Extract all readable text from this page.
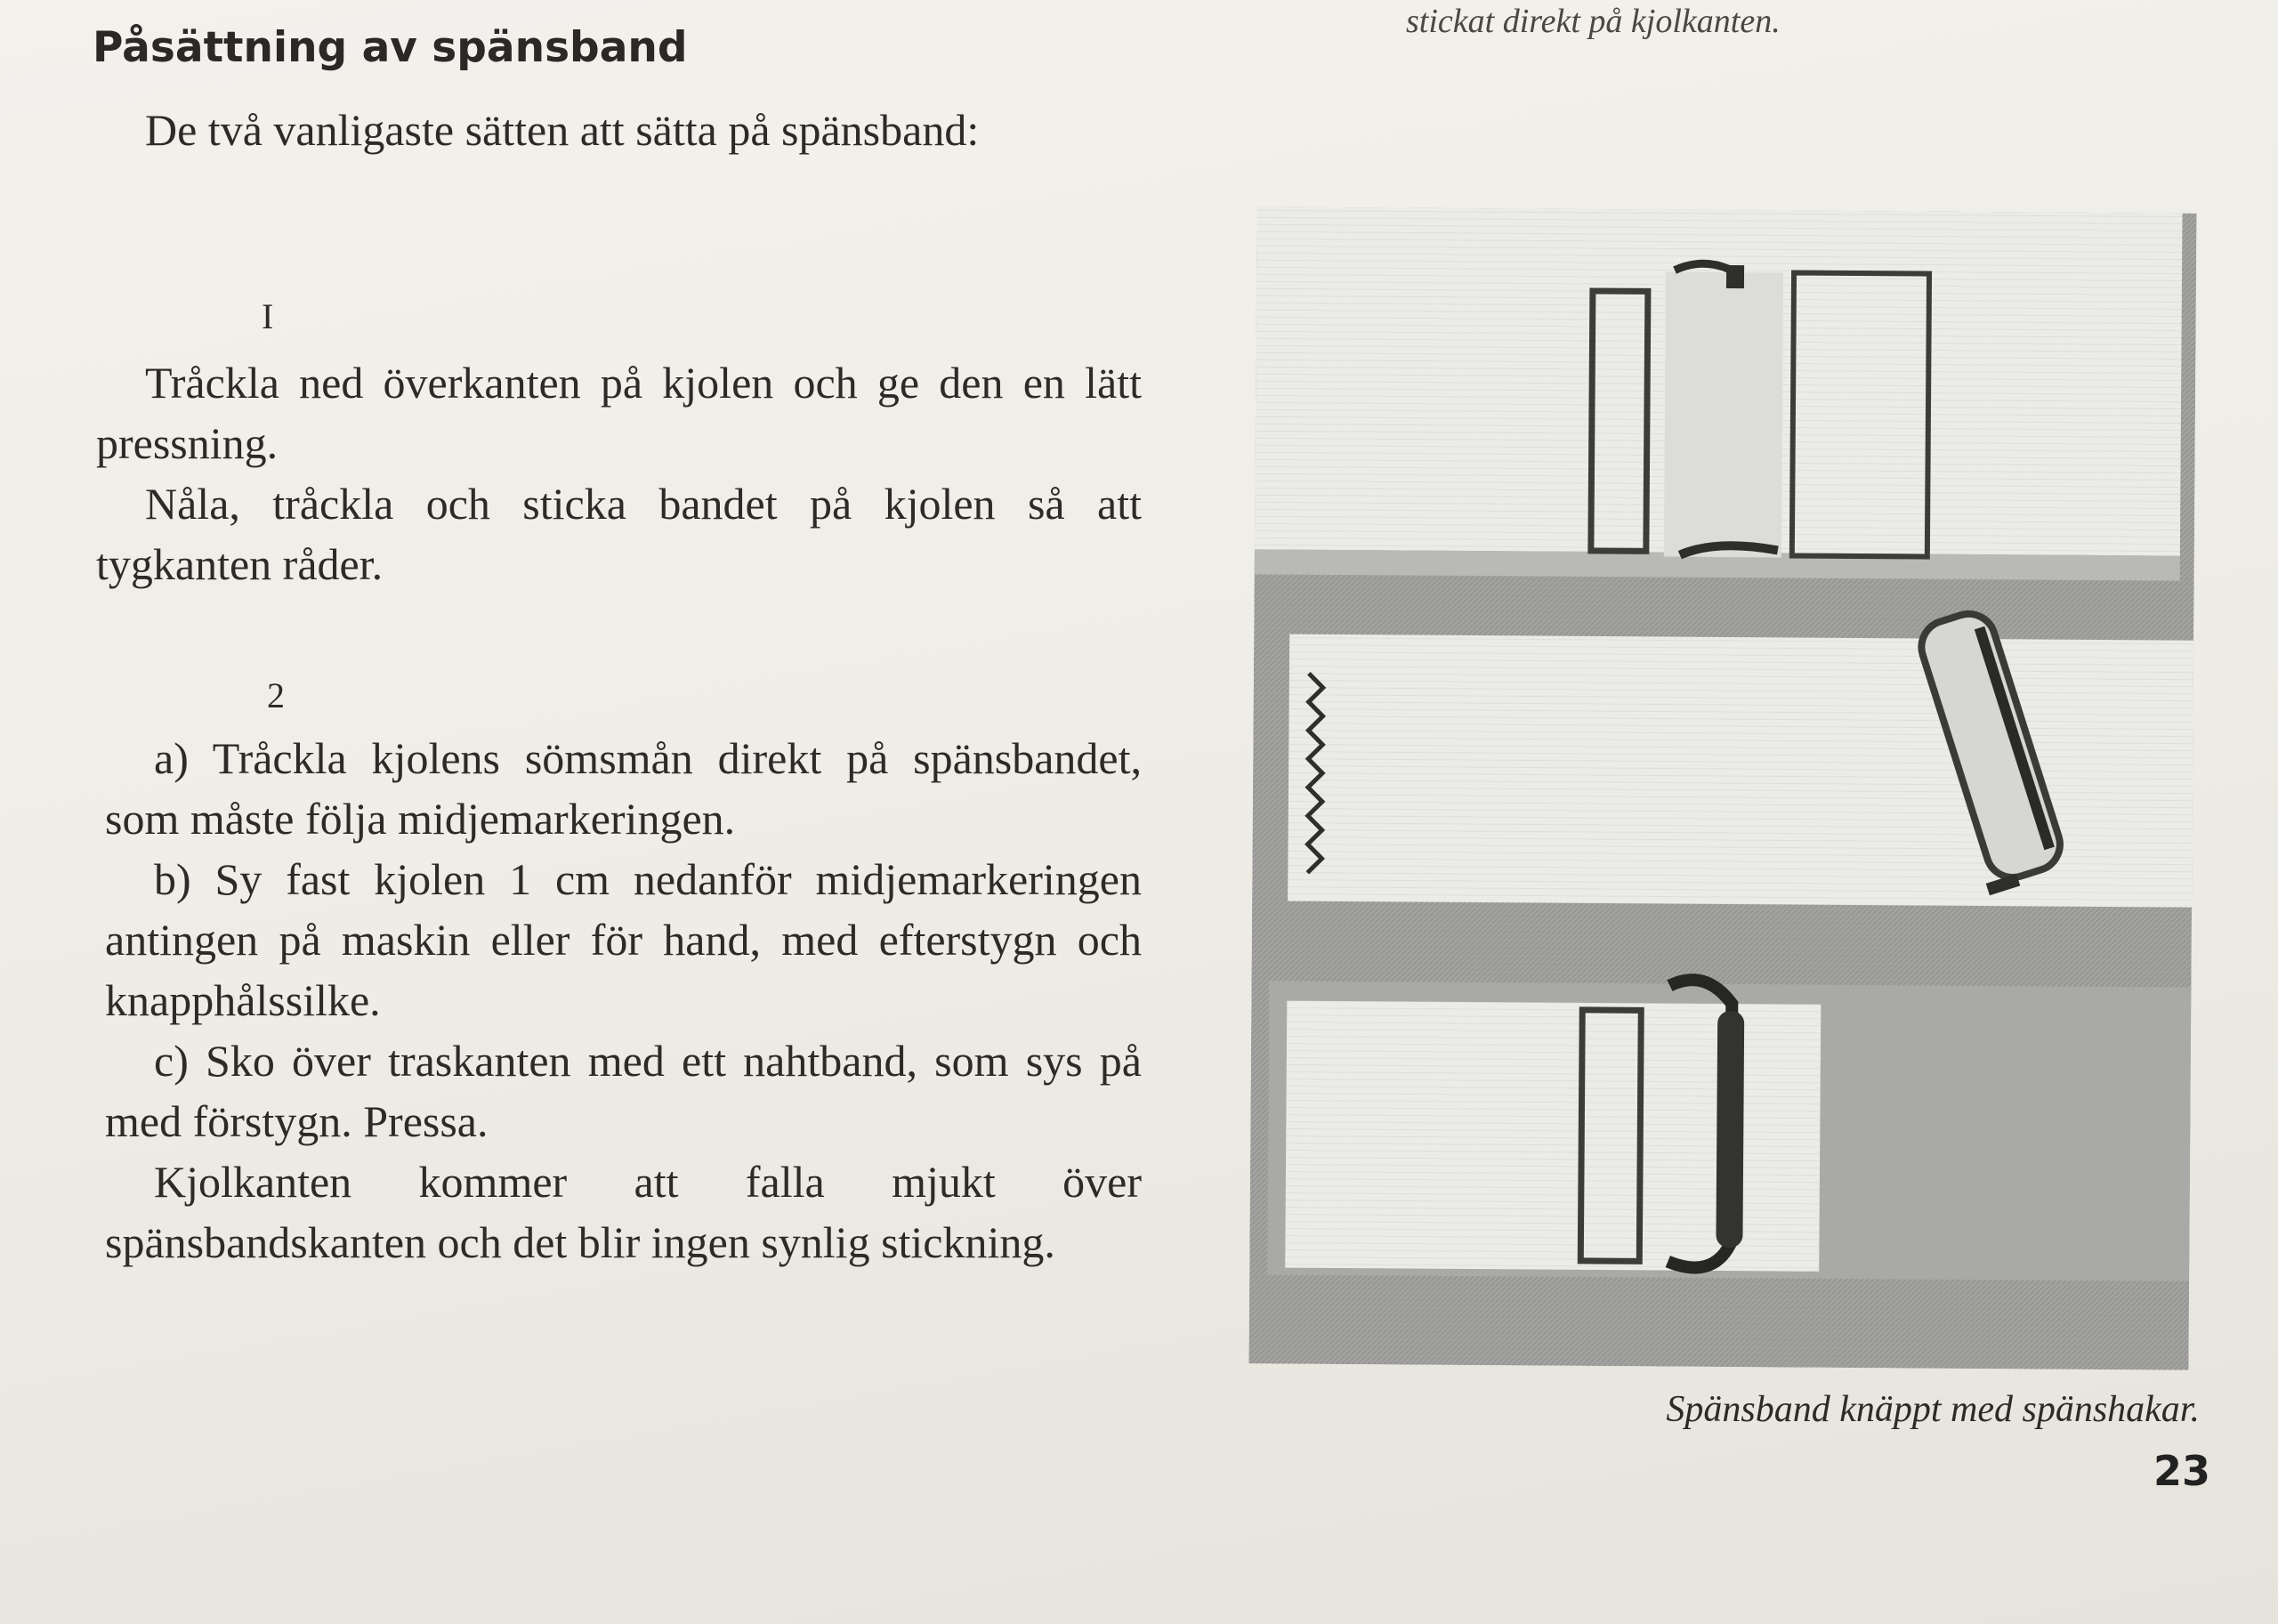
stickat direkt på kjolkanten.
Påsättning av spänsband

De två vanligaste sätten att sätta på spänsband:

I

Tråckla ned överkanten på kjolen och ge den en lätt pressning.

Nåla, tråckla och sticka bandet på kjolen så att tygkanten råder.

2

a) Tråckla kjolens sömsmån direkt på spänsbandet, som måste följa midjemarkeringen.

b) Sy fast kjolen 1 cm nedanför midjemarkeringen antingen på maskin eller för hand, med efterstygn och knapphålssilke.

c) Sko över traskanten med ett nahtband, som sys på med förstygn. Pressa.

Kjolkanten kommer att falla mjukt över spänsbandskanten och det blir ingen synlig stickning.

Spänsband knäppt med spänshakar.
23
